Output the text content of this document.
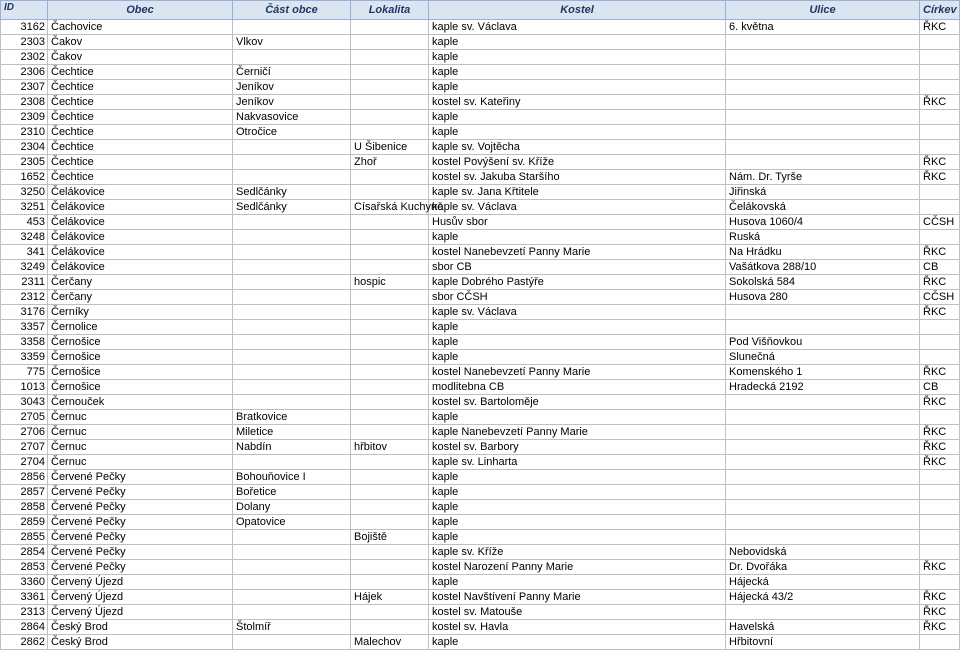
ID	Obec	Část obce	Lokalita	Kostel	Ulice	Církev
3162	Čachovice			kaple sv. Václava	6. května	ŘKC
2303	Čakov	Vlkov		kaple		
2302	Čakov			kaple		
2306	Čechtice	Černičí		kaple		
2307	Čechtice	Jeníkov		kaple		
2308	Čechtice	Jeníkov		kostel sv. Kateřiny		ŘKC
2309	Čechtice	Nakvasovice		kaple		
2310	Čechtice	Otročice		kaple		
2304	Čechtice		U Šibenice	kaple sv. Vojtěcha		
2305	Čechtice		Zhoř	kostel Povýšení sv. Kříže		ŘKC
1652	Čechtice			kostel sv. Jakuba Staršího	Nám. Dr. Tyrše	ŘKC
3250	Čelákovice	Sedlčánky		kaple sv. Jana Křtitele	Jiřinská	
3251	Čelákovice	Sedlčánky	Císařská Kuchyně	kaple sv. Václava	Čelákovská	
453	Čelákovice			Husův sbor	Husova 1060/4	CČSH
3248	Čelákovice			kaple	Ruská	
341	Čelákovice			kostel Nanebevzetí Panny Marie	Na Hrádku	ŘKC
3249	Čelákovice			sbor CB	Vašátkova 288/10	CB
2311	Čerčany		hospic	kaple Dobrého Pastýře	Sokolská 584	ŘKC
2312	Čerčany			sbor CČSH	Husova 280	CČSH
3176	Černíky			kaple sv. Václava		ŘKC
3357	Černolice			kaple		
3358	Černošice			kaple	Pod Višňovkou	
3359	Černošice			kaple	Slunečná	
775	Černošice			kostel Nanebevzetí Panny Marie	Komenského 1	ŘKC
1013	Černošice			modlitebna CB	Hradecká 2192	CB
3043	Černouček			kostel sv. Bartoloměje		ŘKC
2705	Černuc	Bratkovice		kaple		
2706	Černuc	Miletice		kaple Nanebevzetí Panny Marie		ŘKC
2707	Černuc	Nabdín	hřbitov	kostel sv. Barbory		ŘKC
2704	Černuc			kaple sv. Linharta		ŘKC
2856	Červené Pečky	Bohouňovice I		kaple		
2857	Červené Pečky	Bořetice		kaple		
2858	Červené Pečky	Dolany		kaple		
2859	Červené Pečky	Opatovice		kaple		
2855	Červené Pečky		Bojiště	kaple		
2854	Červené Pečky			kaple sv. Kříže	Nebovidská	
2853	Červené Pečky			kostel Narození Panny Marie	Dr. Dvořáka	ŘKC
3360	Červený Újezd			kaple	Hájecká	
3361	Červený Újezd		Hájek	kostel Navštívení Panny Marie	Hájecká 43/2	ŘKC
2313	Červený Újezd			kostel sv. Matouše		ŘKC
2864	Český Brod	Štolmíř		kostel sv. Havla	Havelská	ŘKC
2862	Český Brod		Malechov	kaple	Hřbitovní	
